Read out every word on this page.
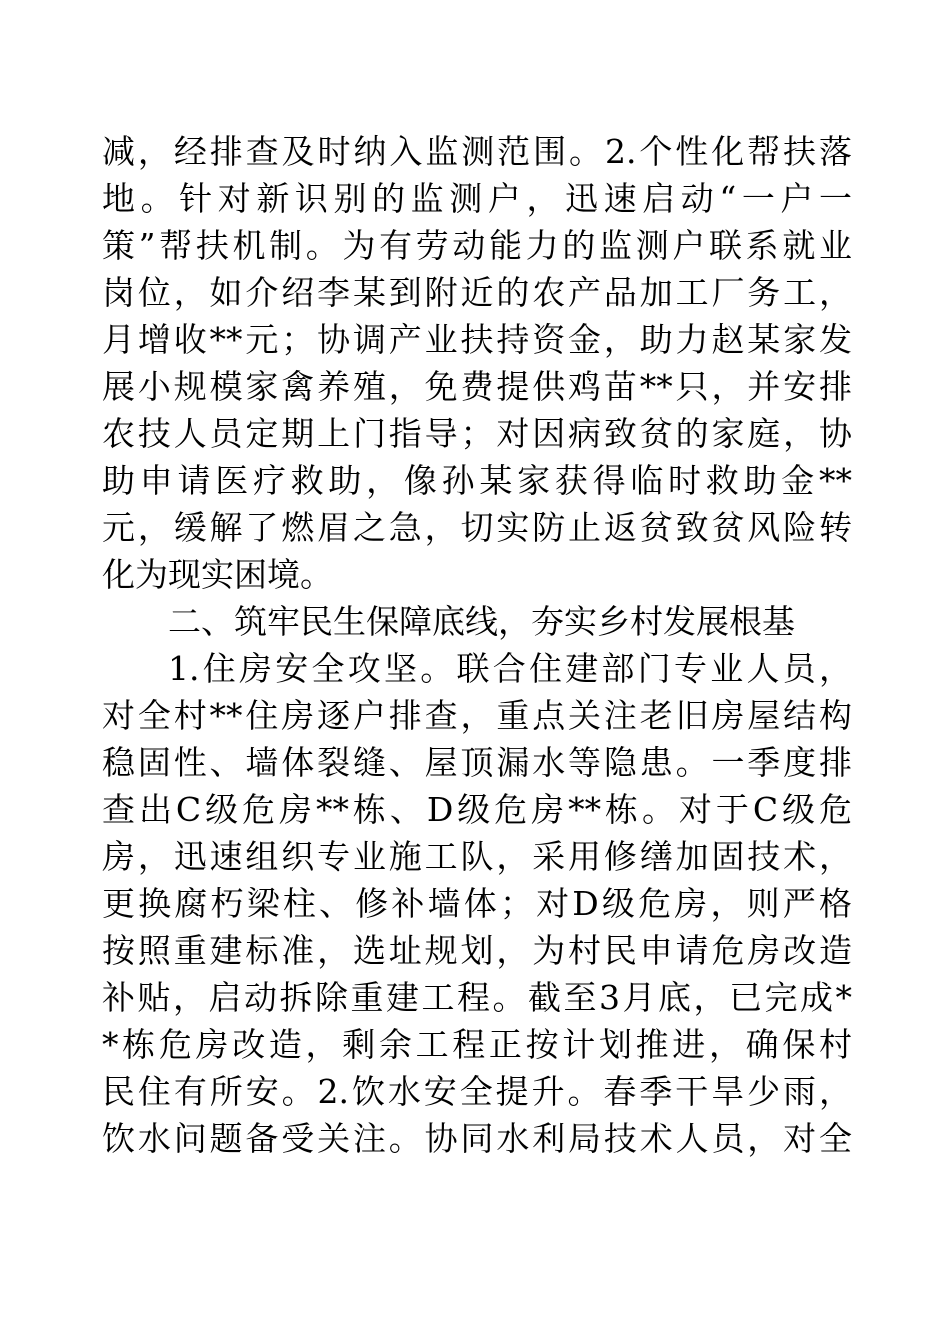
减，经排查及时纳入监测范围。2.个性化帮扶落
地。针对新识别的监测户，迅速启动“一户一
策”帮扶机制。为有劳动能力的监测户联系就业
岗位，如介绍李某到附近的农产品加工厂务工，
月增收**元；协调产业扶持资金，助力赵某家发
展小规模家禽养殖，免费提供鸡苗**只，并安排
农技人员定期上门指导；对因病致贫的家庭，协
助申请医疗救助，像孙某家获得临时救助金**
元，缓解了燃眉之急，切实防止返贫致贫风险转
化为现实困境。
二、筑牢民生保障底线，夯实乡村发展根基
1.住房安全攻坚。联合住建部门专业人员，
对全村**住房逐户排查，重点关注老旧房屋结构
稳固性、墙体裂缝、屋顶漏水等隐患。一季度排
查出C级危房**栋、D级危房**栋。对于C级危
房，迅速组织专业施工队，采用修缮加固技术，
更换腐朽梁柱、修补墙体；对D级危房，则严格
按照重建标准，选址规划，为村民申请危房改造
补贴，启动拆除重建工程。截至3月底，已完成*
*栋危房改造，剩余工程正按计划推进，确保村
民住有所安。2.饮水安全提升。春季干旱少雨，
饮水问题备受关注。协同水利局技术人员，对全
